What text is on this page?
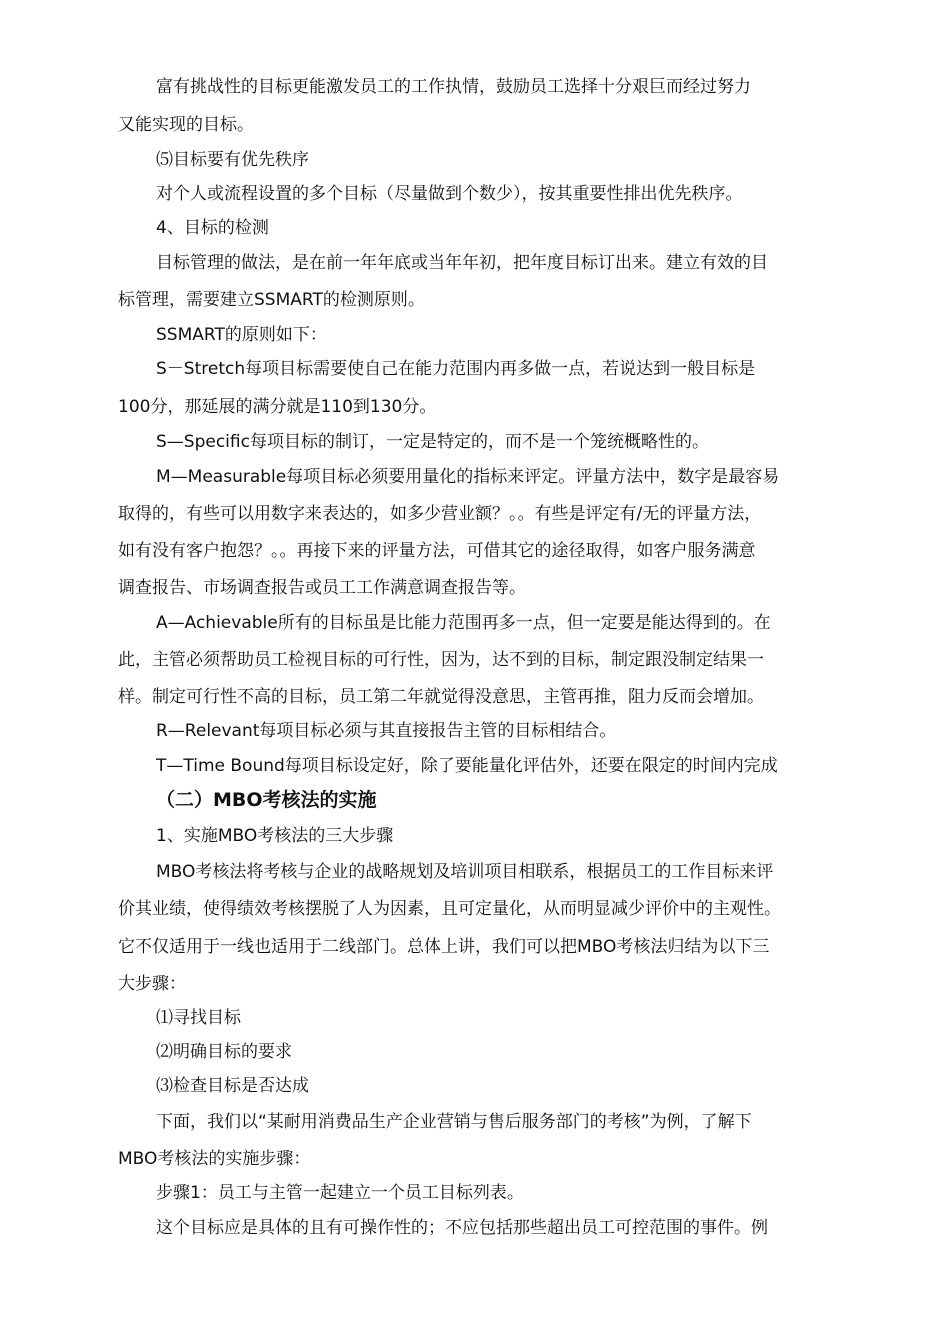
富有挑战性的目标更能激发员工的工作执情，鼓励员工选择十分艰巨而经过努力
又能实现的目标。
⑸目标要有优先秩序
对个人或流程设置的多个目标（尽量做到个数少），按其重要性排出优先秩序。
4、目标的检测
目标管理的做法，是在前一年年底或当年年初，把年度目标订出来。建立有效的目
标管理，需要建立SSMART的检测原则。
SSMART的原则如下：
S－Stretch每项目标需要使自己在能力范围内再多做一点，若说达到一般目标是
100分，那延展的满分就是110到130分。
S—Specific每项目标的制订，一定是特定的，而不是一个笼统概略性的。
M—Measurable每项目标必须要用量化的指标来评定。评量方法中，数字是最容易
取得的，有些可以用数字来表达的，如多少营业额？。。有些是评定有/无的评量方法，
如有没有客户抱怨？。。再接下来的评量方法，可借其它的途径取得，如客户服务满意
调查报告、市场调查报告或员工工作满意调查报告等。
A—Achievable所有的目标虽是比能力范围再多一点，但一定要是能达得到的。在
此，主管必须帮助员工检视目标的可行性，因为，达不到的目标，制定跟没制定结果一
样。制定可行性不高的目标，员工第二年就觉得没意思，主管再推，阻力反而会增加。
R—Relevant每项目标必须与其直接报告主管的目标相结合。
T—Time Bound每项目标设定好，除了要能量化评估外，还要在限定的时间内完成
（二）MBO考核法的实施
1、实施MBO考核法的三大步骤
MBO考核法将考核与企业的战略规划及培训项目相联系，根据员工的工作目标来评
价其业绩，使得绩效考核摆脱了人为因素，且可定量化，从而明显减少评价中的主观性。
它不仅适用于一线也适用于二线部门。总体上讲，我们可以把MBO考核法归结为以下三
大步骤：
⑴寻找目标
⑵明确目标的要求
⑶检查目标是否达成
下面，我们以“某耐用消费品生产企业营销与售后服务部门的考核”为例，了解下
MBO考核法的实施步骤：
步骤1：员工与主管一起建立一个员工目标列表。
这个目标应是具体的且有可操作性的；不应包括那些超出员工可控范围的事件。例
